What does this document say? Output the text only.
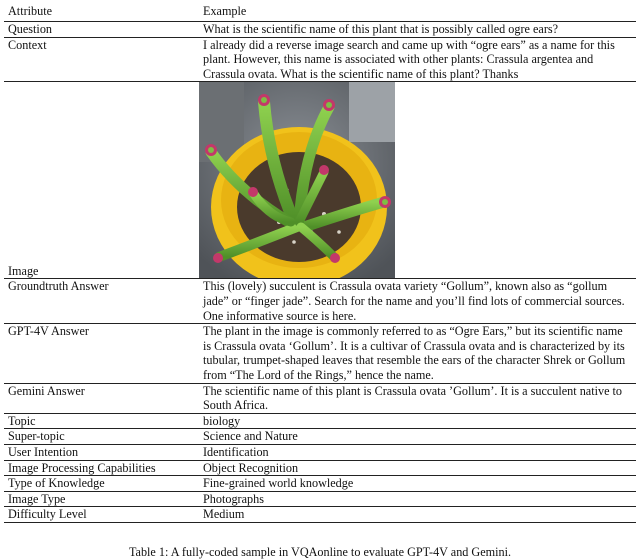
Attribute	Example
Question	What is the scientific name of this plant that is possibly called ogre ears?
Context	I already did a reverse image search and came up with “ogre ears” as a name for this plant. However, this name is associated with other plants: Crassula argentea and Crassula ovata. What is the scientific name of this plant? Thanks
Image	

Groundtruth Answer	This (lovely) succulent is Crassula ovata variety “Gollum”, known also as “gollum jade” or “finger jade”. Search for the name and you’ll find lots of commercial sources. One informative source is here.
GPT-4V Answer	The plant in the image is commonly referred to as “Ogre Ears,” but its scientific name is Crassula ovata ‘Gollum’. It is a cultivar of Crassula ovata and is characterized by its tubular, trumpet-shaped leaves that resemble the ears of the character Shrek or Gollum from “The Lord of the Rings,” hence the name.
Gemini Answer	The scientific name of this plant is Crassula ovata ’Gollum’. It is a succulent native to South Africa.
Topic	biology
Super-topic	Science and Nature
User Intention	Identification
Image Processing Capabilities	Object Recognition
Type of Knowledge	Fine-grained world knowledge
Image Type	Photographs
Difficulty Level	Medium
Table 1: A fully-coded sample in VQAonline to evaluate GPT-4V and Gemini.
